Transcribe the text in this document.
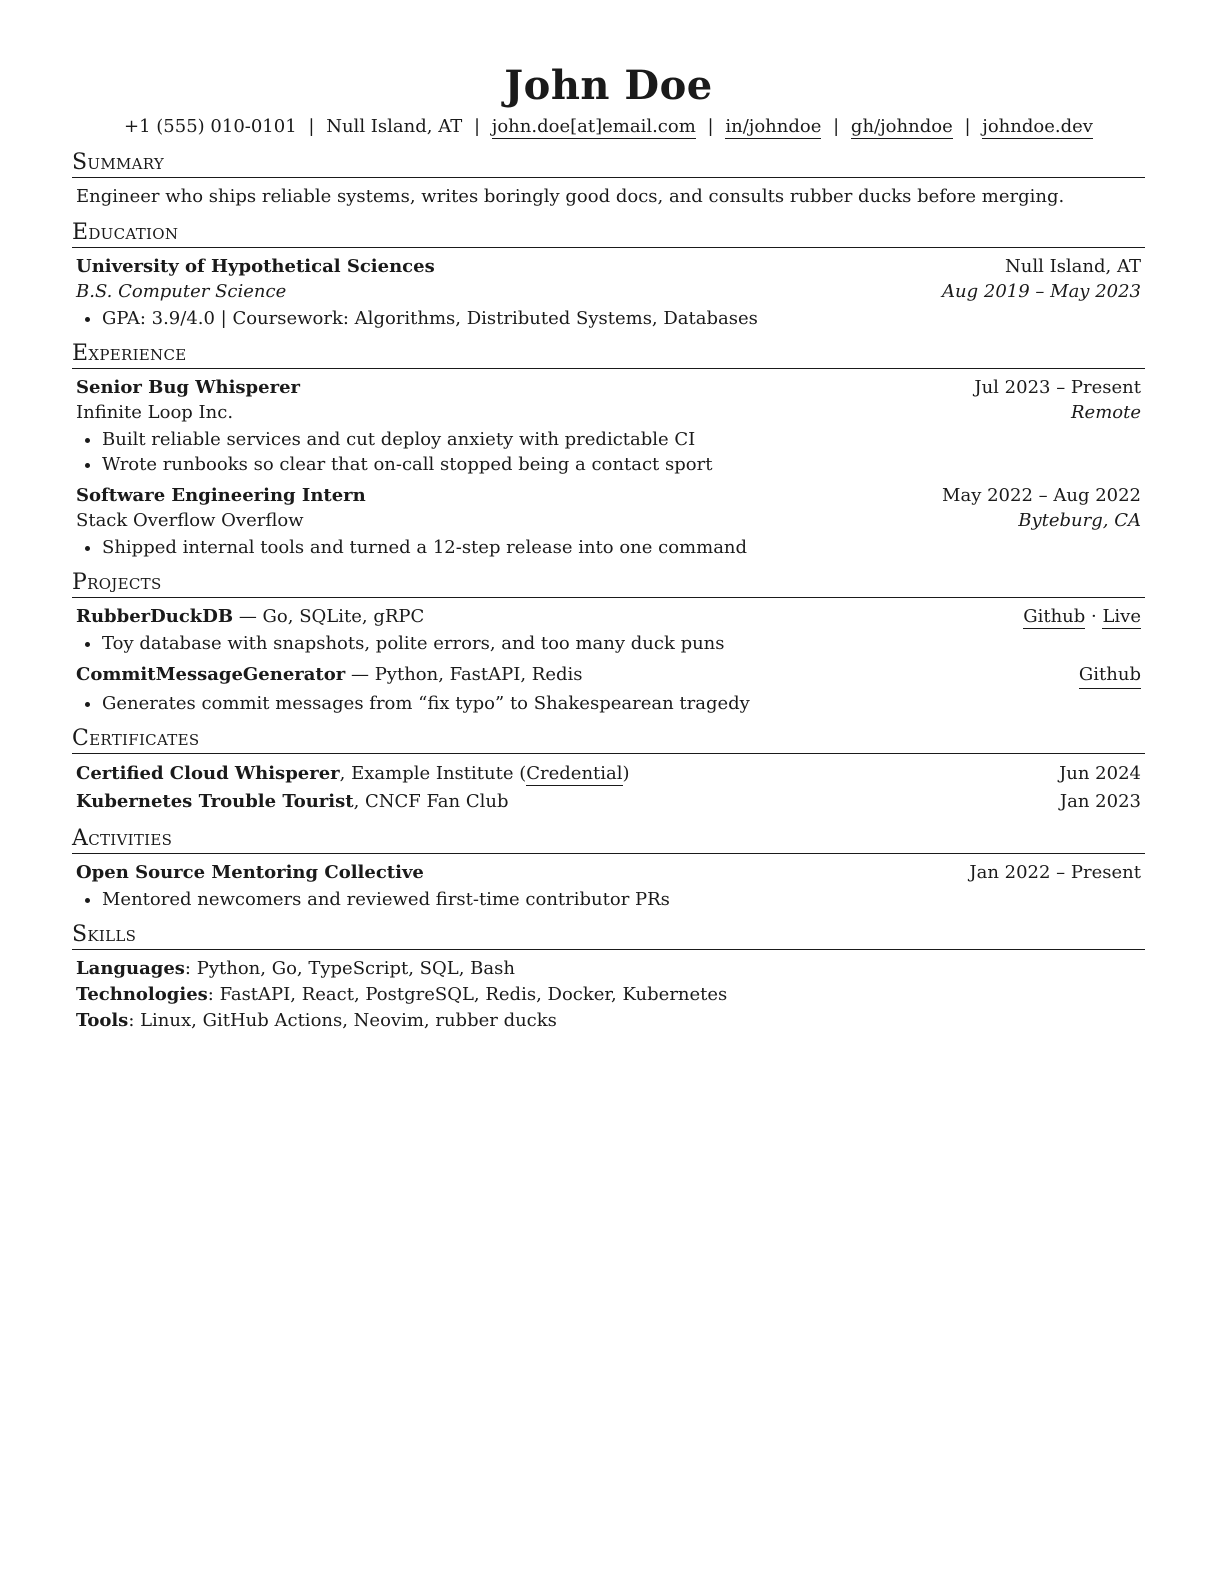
John Doe
+1 (555) 010-0101 | Null Island, AT | john.doe[at]email.com | in/johndoe | gh/johndoe | johndoe.dev
Summary
Engineer who ships reliable systems, writes boringly good docs, and consults rubber ducks before merging.
Education
University of Hypothetical Sciences	Null Island, AT
B.S. Computer Science	Aug 2019 – May 2023
• GPA: 3.9/4.0 | Coursework: Algorithms, Distributed Systems, Databases
Experience
Senior Bug Whisperer	Jul 2023 – Present
Infinite Loop Inc.	Remote
• Built reliable services and cut deploy anxiety with predictable CI
• Wrote runbooks so clear that on-call stopped being a contact sport
Software Engineering Intern	May 2022 – Aug 2022
Stack Overflow Overflow	Byteburg, CA
• Shipped internal tools and turned a 12-step release into one command
Projects
RubberDuckDB — Go, SQLite, gRPC	Github · Live
• Toy database with snapshots, polite errors, and too many duck puns
CommitMessageGenerator — Python, FastAPI, Redis	Github
• Generates commit messages from “fix typo” to Shakespearean tragedy
Certificates
Certified Cloud Whisperer, Example Institute (Credential)	Jun 2024
Kubernetes Trouble Tourist, CNCF Fan Club	Jan 2023
Activities
Open Source Mentoring Collective	Jan 2022 – Present
• Mentored newcomers and reviewed first-time contributor PRs
Skills
Languages: Python, Go, TypeScript, SQL, Bash
Technologies: FastAPI, React, PostgreSQL, Redis, Docker, Kubernetes
Tools: Linux, GitHub Actions, Neovim, rubber ducks
